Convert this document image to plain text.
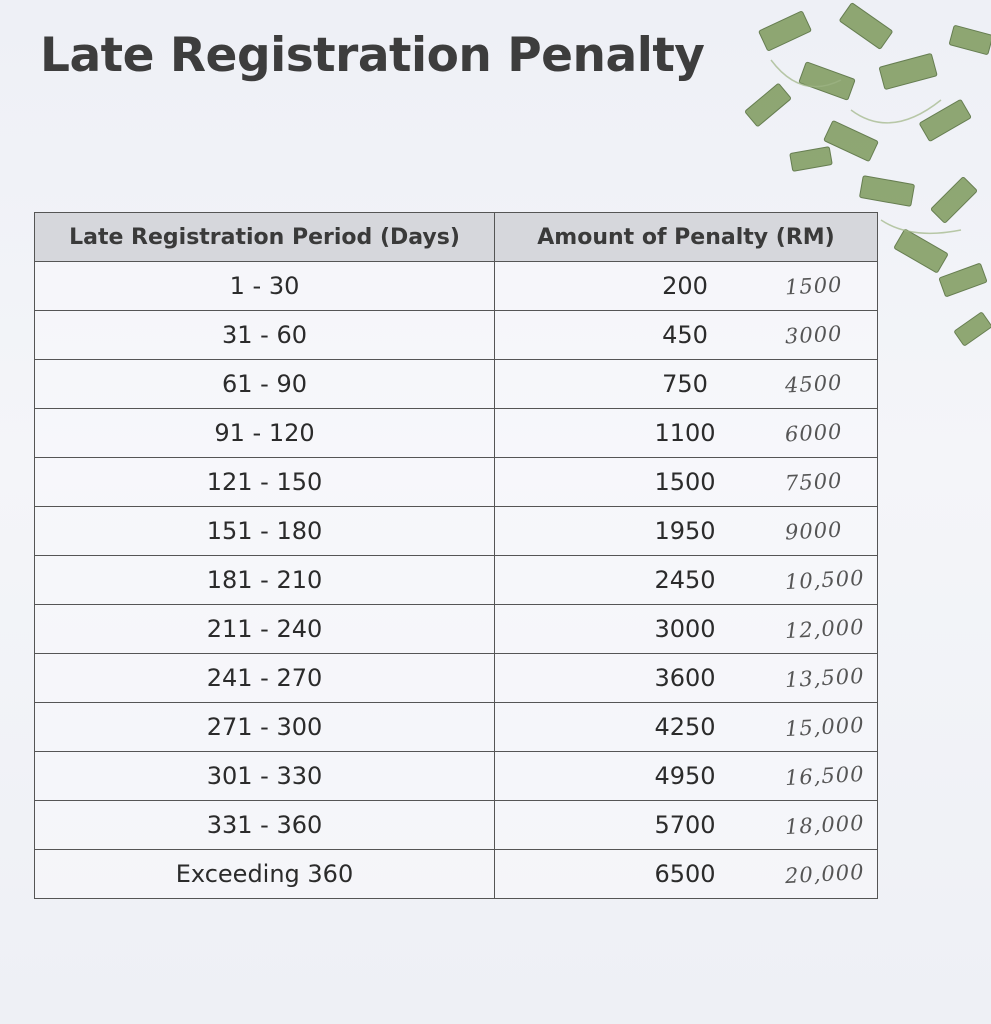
Late Registration Penalty
Late Registration Period (Days)	Amount of Penalty (RM)
1 - 30	200 1500

31 - 60	450 3000

61 - 90	750 4500

91 - 120	1100 6000

121 - 150	1500 7500

151 - 180	1950 9000

181 - 210	2450 10,500

211 - 240	3000 12,000

241 - 270	3600 13,500

271 - 300	4250 15,000

301 - 330	4950 16,500

331 - 360	5700 18,000

Exceeding 360	6500 20,000
